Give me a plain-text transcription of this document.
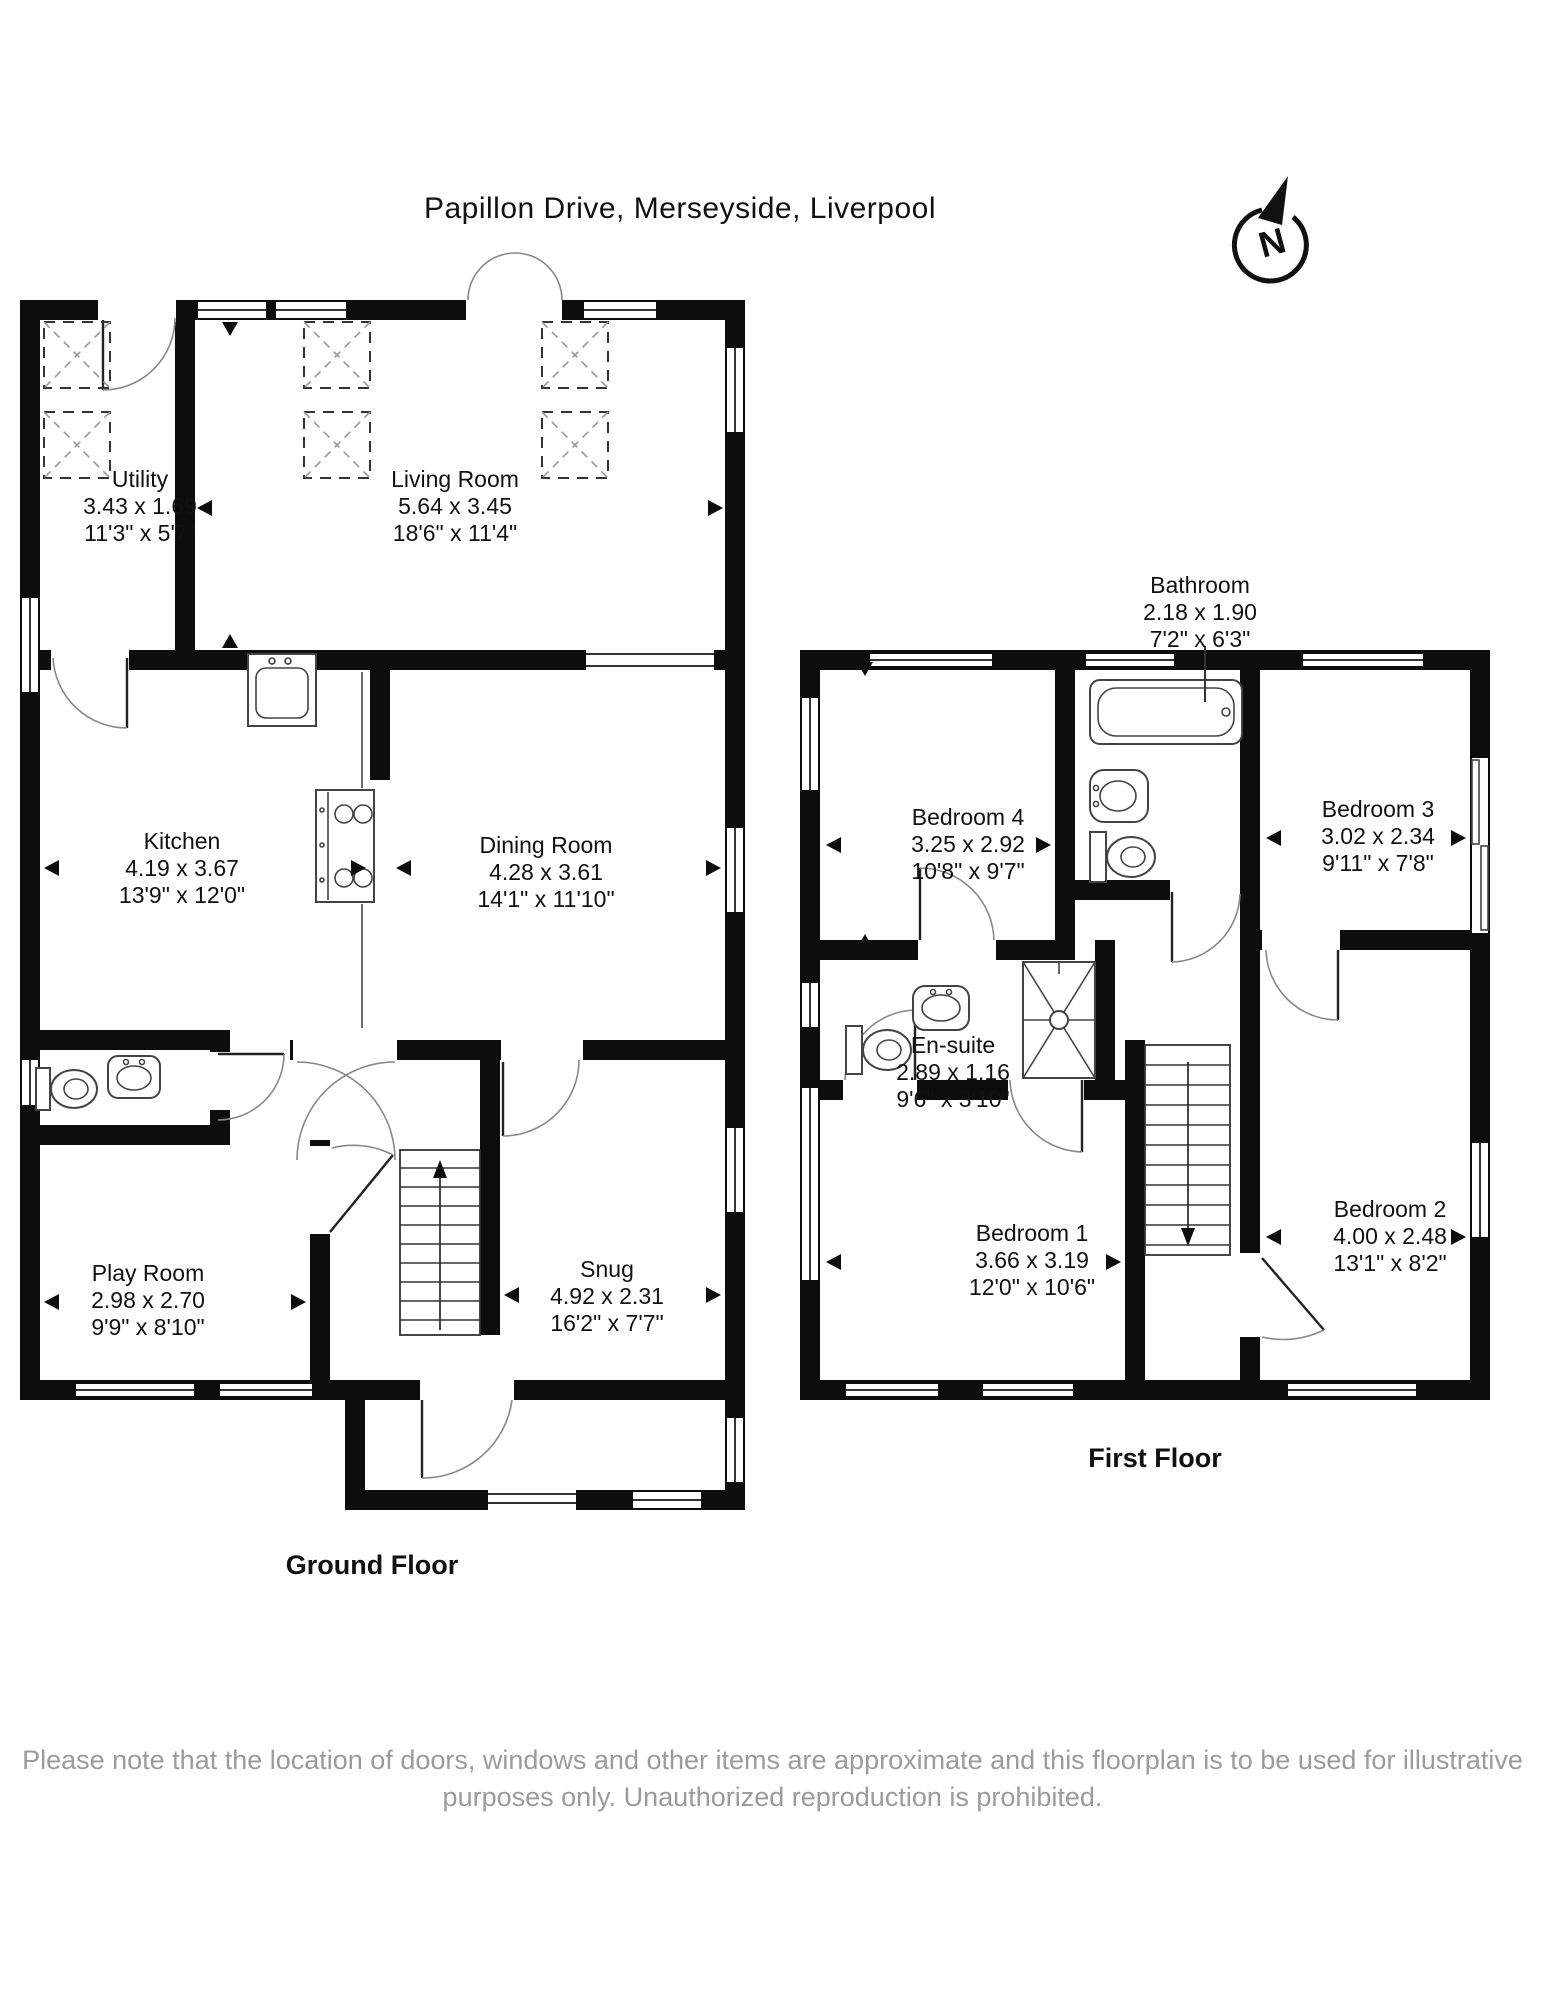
N
Papillon Drive, Merseyside, Liverpool
Utility
3.43 x 1.69
11'3" x 5'7"
Living Room
5.64 x 3.45
18'6" x 11'4"
Kitchen
4.19 x 3.67
13'9" x 12'0"
Dining Room
4.28 x 3.61
14'1" x 11'10"
Play Room
2.98 x 2.70
9'9" x 8'10"
Snug
4.92 x 2.31
16'2" x 7'7"
Bathroom
2.18 x 1.90
7'2" x 6'3"
Bedroom 4
3.25 x 2.92
10'8" x 9'7"
Bedroom 3
3.02 x 2.34
9'11" x 7'8"
En-suite
2.89 x 1.16
9'6" x 3'10"
Bedroom 1
3.66 x 3.19
12'0" x 10'6"
Bedroom 2
4.00 x 2.48
13'1" x 8'2"
Ground Floor
First Floor
Please note that the location of doors, windows and other items are approximate and this floorplan is to be used for illustrative
purposes only. Unauthorized reproduction is prohibited.
